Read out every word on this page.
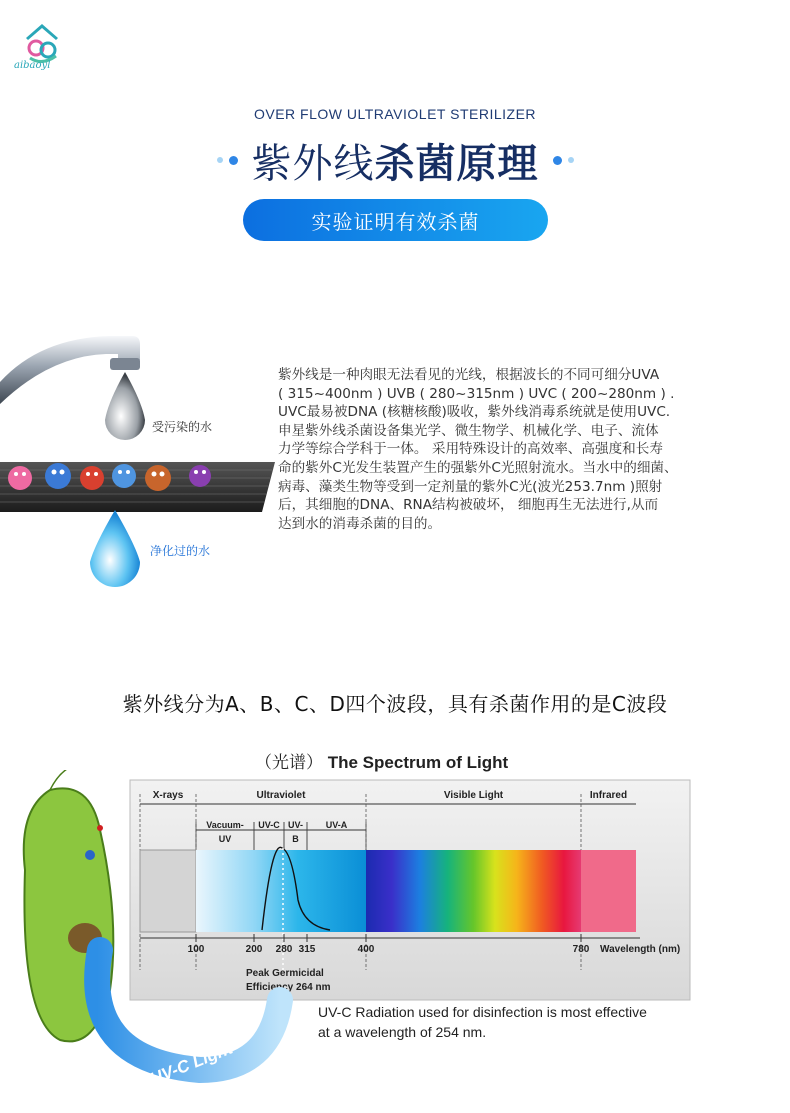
aibaoyl
OVER FLOW ULTRAVIOLET STERILIZER
紫外线杀菌原理
实验证明有效杀菌
受污染的水
净化过的水

紫外线是一种肉眼无法看见的光线，根据波长的不同可细分UVA

( 315~400nm ) UVB ( 280~315nm ) UVC ( 200~280nm ) .

UVC最易被DNA (核糖核酸)吸收，紫外线消毒系统就是使用UVC.

申星紫外线杀菌设备集光学、微生物学、机械化学、电子、流体

力学等综合学科于一体。 采用特殊设计的高效率、高强度和长寿

命的紫外C光发生装置产生的强紫外C光照射流水。当水中的细菌、

病毒、藻类生物等受到一定剂量的紫外C光(波光253.7nm )照射

后，其细胞的DNA、RNA结构被破坏， 细胞再生无法进行,从而

达到水的消毒杀菌的目的。

紫外线分为A、B、C、D四个波段，具有杀菌作用的是C波段
（光谱） The Spectrum of Light
X-rays	Ultraviolet	Visible Light	Infrared
Vacuum-
UV
UV-C UV-
B
UV-A
100	200 280 315	400	780 Wavelength (nm)
Peak Germicidal
Efficiency 264 nm
UV-C Light

UV-C Radiation used for disinfection is most effective

at a wavelength of 254 nm.
